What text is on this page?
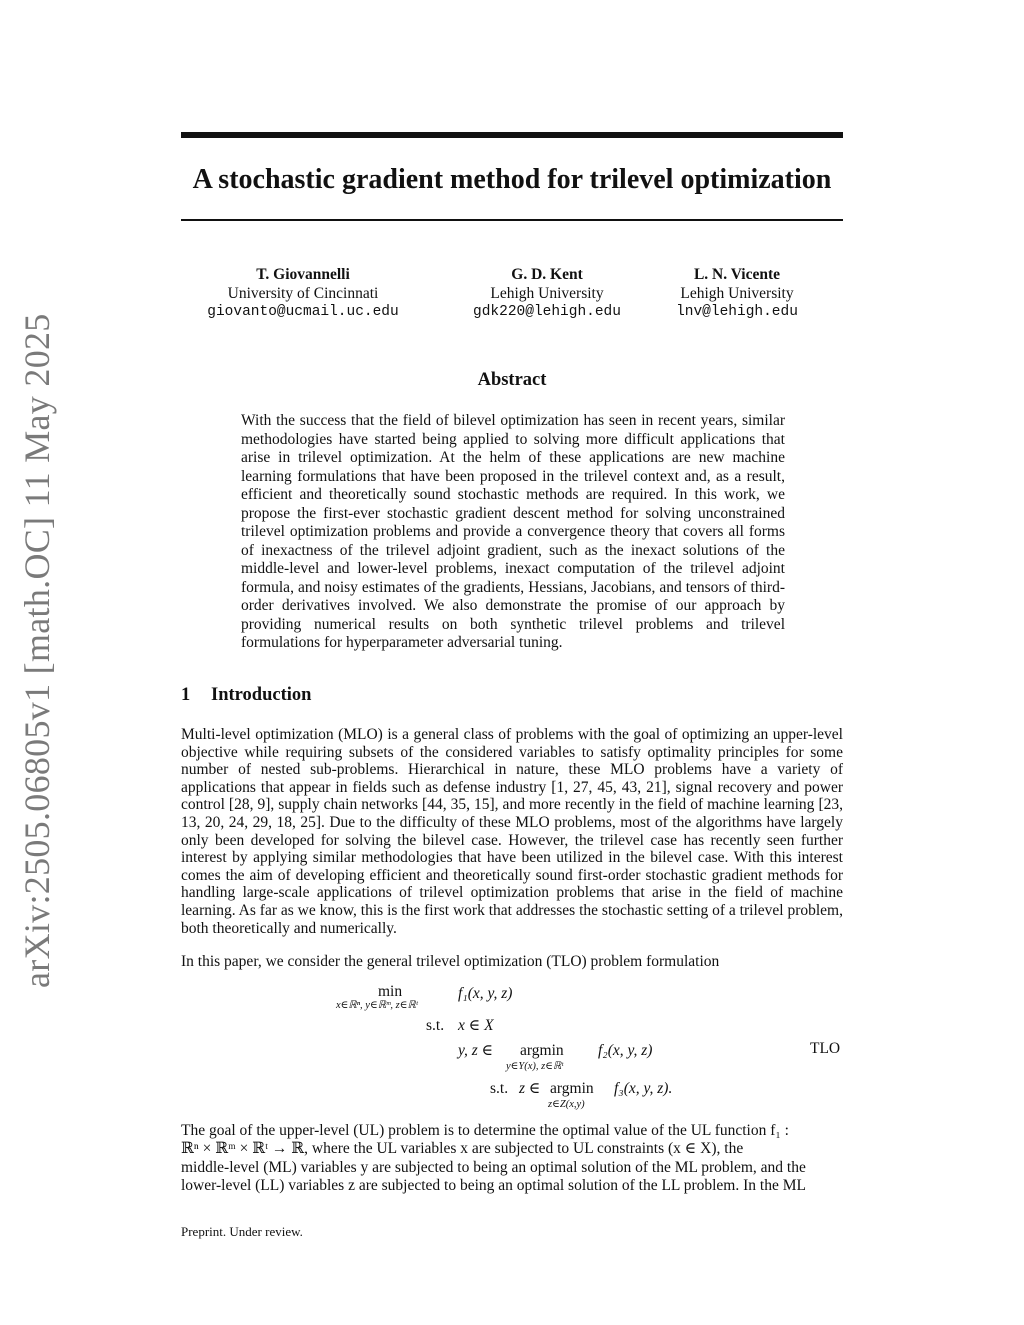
arXiv:2505.06805v1 [math.OC] 11 May 2025
A stochastic gradient method for trilevel optimization
T. Giovannelli
University of Cincinnati
giovanto@ucmail.uc.edu
G. D. Kent
Lehigh University
gdk220@lehigh.edu
L. N. Vicente
Lehigh University
lnv@lehigh.edu
Abstract
With the success that the field of bilevel optimization has seen in recent years, similar methodologies have started being applied to solving more difficult applications that arise in trilevel optimization. At the helm of these applications are new machine learning formulations that have been proposed in the trilevel context and, as a result, efficient and theoretically sound stochastic methods are required. In this work, we propose the first-ever stochastic gradient descent method for solving unconstrained trilevel optimization problems and provide a convergence theory that covers all forms of inexactness of the trilevel adjoint gradient, such as the inexact solutions of the middle-level and lower-level problems, inexact computation of the trilevel adjoint formula, and noisy estimates of the gradients, Hessians, Jacobians, and tensors of third-order derivatives involved. We also demonstrate the promise of our approach by providing numerical results on both synthetic trilevel problems and trilevel formulations for hyperparameter adversarial tuning.
1 Introduction
Multi-level optimization (MLO) is a general class of problems with the goal of optimizing an upper-level objective while requiring subsets of the considered variables to satisfy optimality principles for some number of nested sub-problems. Hierarchical in nature, these MLO problems have a variety of applications that appear in fields such as defense industry [1, 27, 45, 43, 21], signal recovery and power control [28, 9], supply chain networks [44, 35, 15], and more recently in the field of machine learning [23, 13, 20, 24, 29, 18, 25]. Due to the difficulty of these MLO problems, most of the algorithms have largely only been developed for solving the bilevel case. However, the trilevel case has recently seen further interest by applying similar methodologies that have been utilized in the bilevel case. With this interest comes the aim of developing efficient and theoretically sound first-order stochastic gradient methods for handling large-scale applications of trilevel optimization problems that arise in the field of machine learning. As far as we know, this is the first work that addresses the stochastic setting of a trilevel problem, both theoretically and numerically.
In this paper, we consider the general trilevel optimization (TLO) problem formulation
min
x∈ℝⁿ, y∈ℝᵐ, z∈ℝᵗ
f₁(x, y, z)
s.t. x ∈ X
y, z ∈ argmin
y∈Y(x), z∈ℝᵗ
f₂(x, y, z)	TLO
s.t. z ∈ argmin
z∈Z(x,y)
f₃(x, y, z).
The goal of the upper-level (UL) problem is to determine the optimal value of the UL function f₁ :
ℝⁿ × ℝᵐ × ℝᵗ → ℝ, where the UL variables x are subjected to UL constraints (x ∈ X), the
middle-level (ML) variables y are subjected to being an optimal solution of the ML problem, and the
lower-level (LL) variables z are subjected to being an optimal solution of the LL problem. In the ML
Preprint. Under review.
